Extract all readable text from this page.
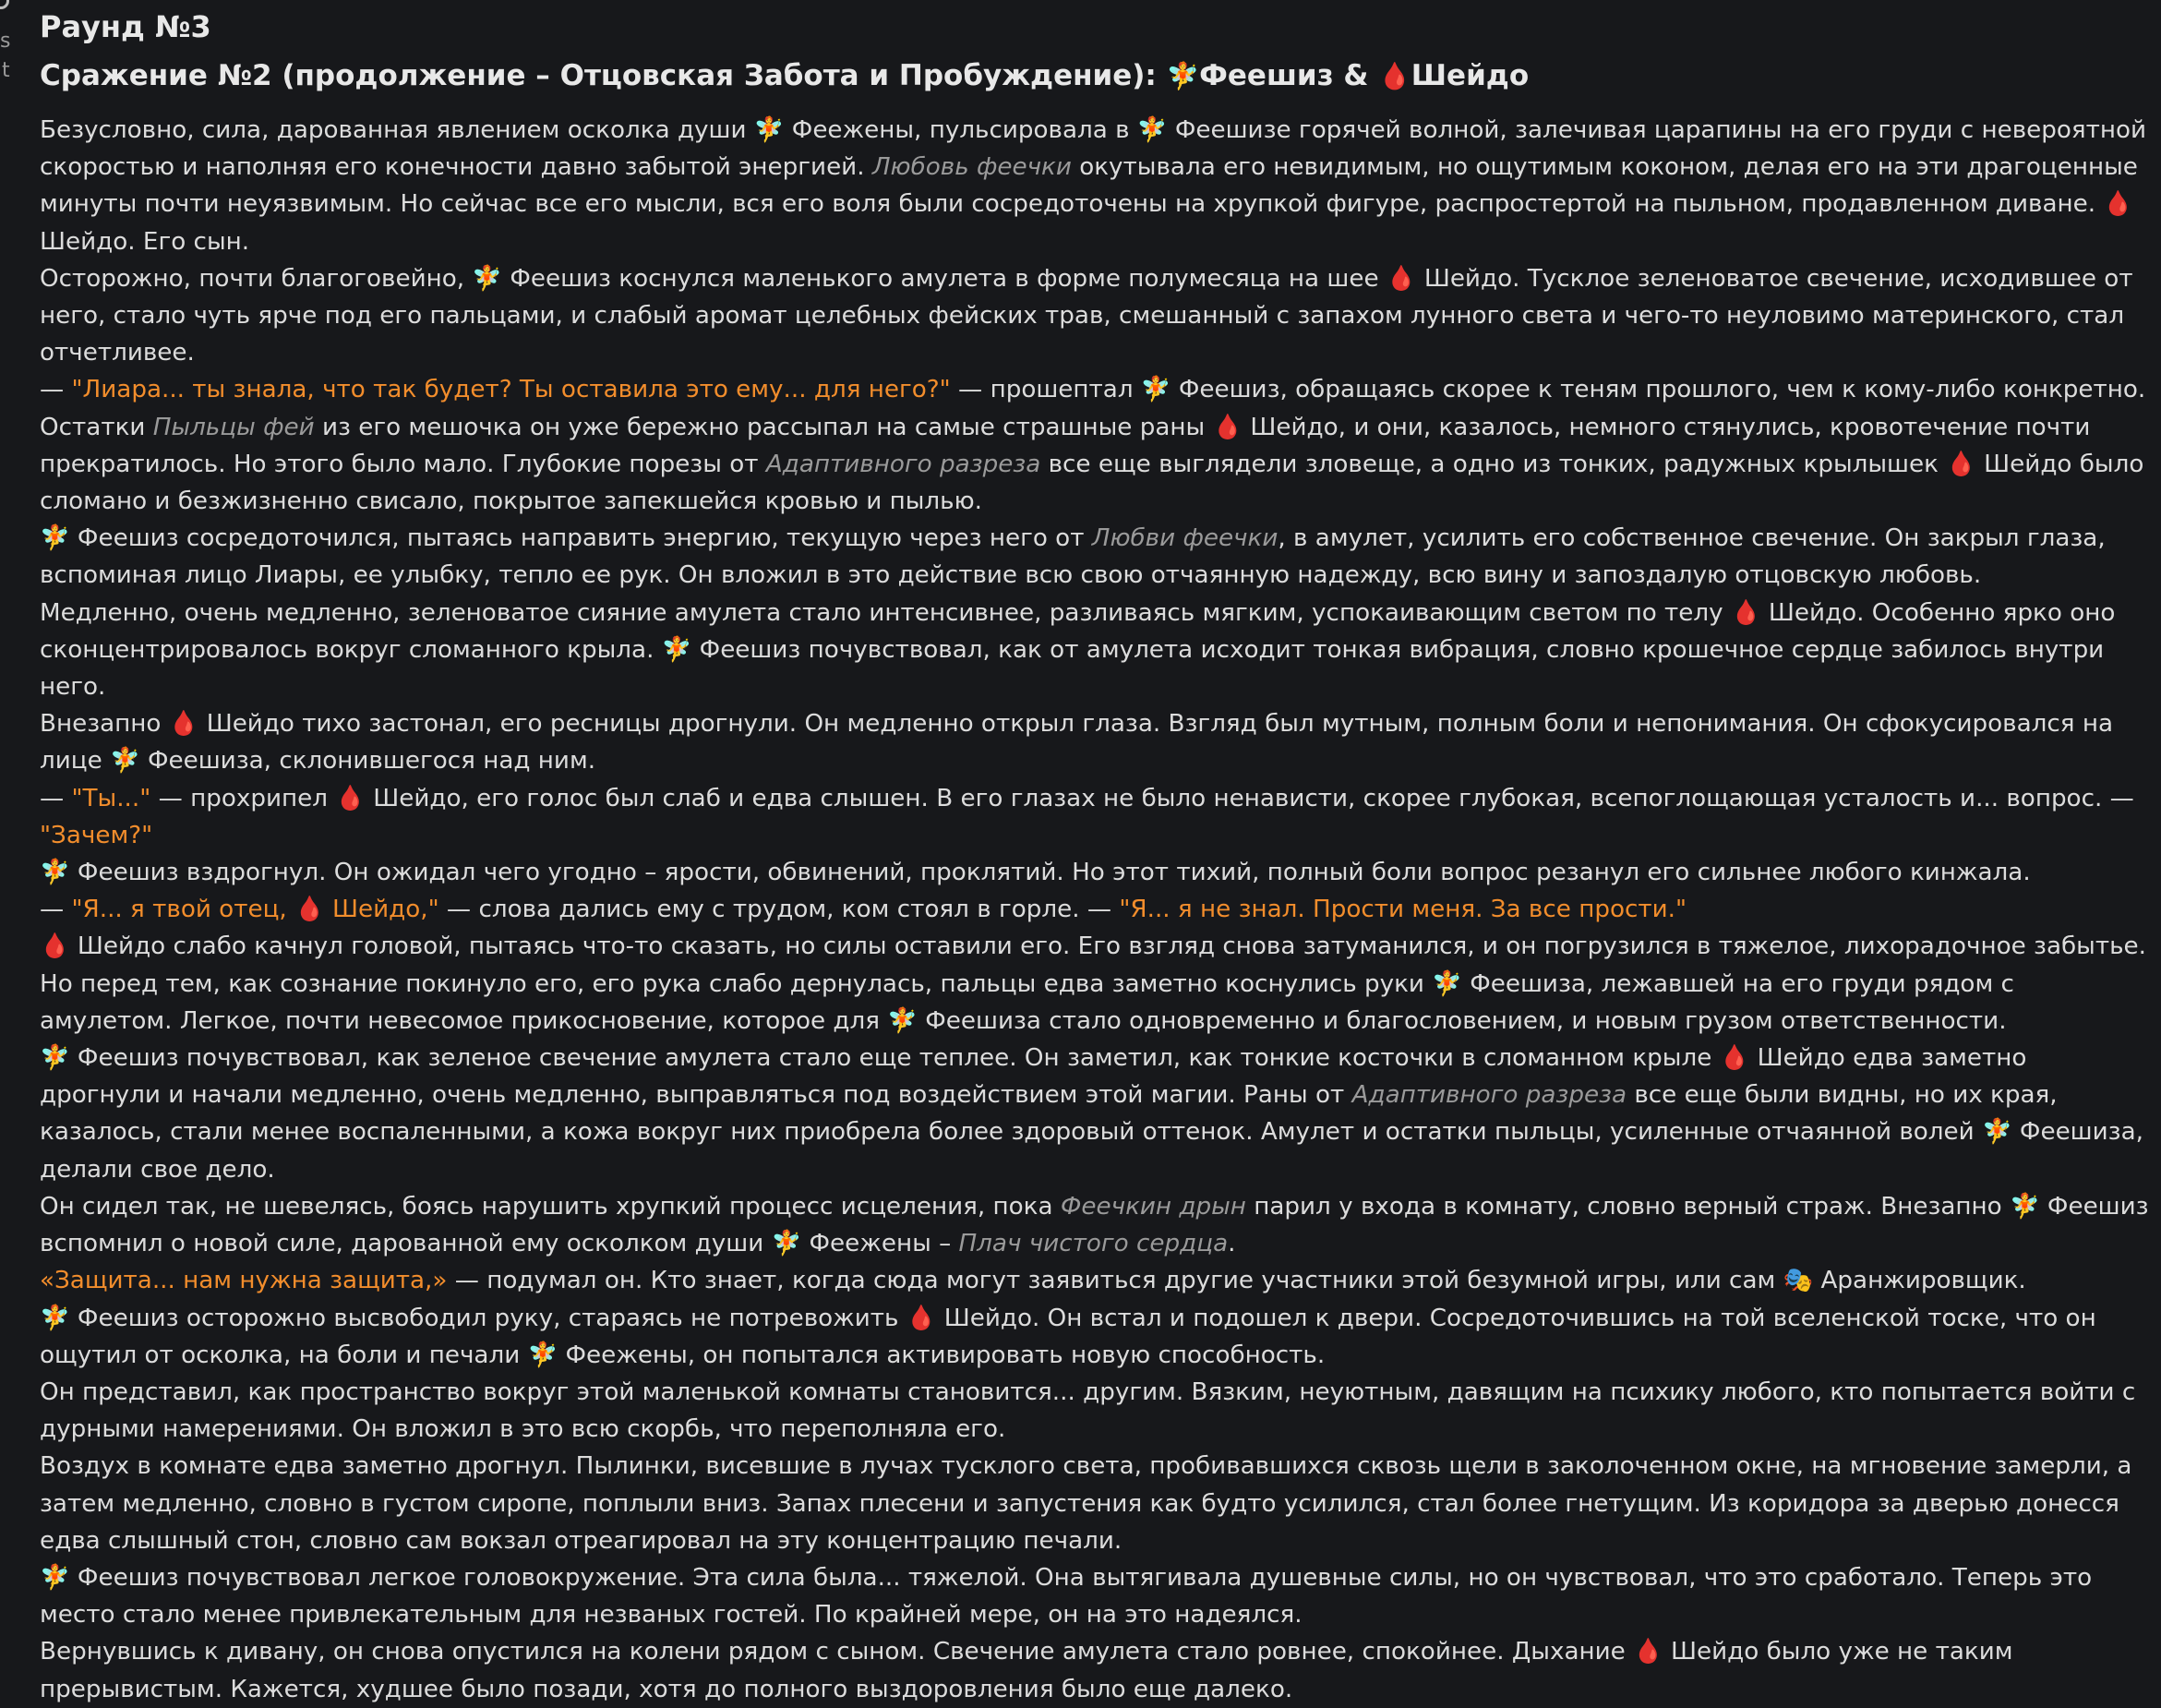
s
t
Раунд №3
Сражение №2 (продолжение – Отцовская Забота и Пробуждение): 🧚Феешиз & 🩸Шейдо

Безусловно, сила, дарованная явлением осколка души 🧚 Феежены, пульсировала в 🧚 Феешизе горячей волной, залечивая царапины на его груди с невероятной скоростью и наполняя его конечности давно забытой энергией. Любовь феечки окутывала его невидимым, но ощутимым коконом, делая его на эти драгоценные минуты почти неуязвимым. Но сейчас все его мысли, вся его воля были сосредоточены на хрупкой фигуре, распростертой на пыльном, продавленном диване. 🩸 Шейдо. Его сын.

Осторожно, почти благоговейно, 🧚 Феешиз коснулся маленького амулета в форме полумесяца на шее 🩸 Шейдо. Тусклое зеленоватое свечение, исходившее от него, стало чуть ярче под его пальцами, и слабый аромат целебных фейских трав, смешанный с запахом лунного света и чего-то неуловимо материнского, стал отчетливее.

— "Лиара... ты знала, что так будет? Ты оставила это ему... для него?" — прошептал 🧚 Феешиз, обращаясь скорее к теням прошлого, чем к кому-либо конкретно.

Остатки Пыльцы фей из его мешочка он уже бережно рассыпал на самые страшные раны 🩸 Шейдо, и они, казалось, немного стянулись, кровотечение почти прекратилось. Но этого было мало. Глубокие порезы от Адаптивного разреза все еще выглядели зловеще, а одно из тонких, радужных крылышек 🩸 Шейдо было сломано и безжизненно свисало, покрытое запекшейся кровью и пылью.

🧚 Феешиз сосредоточился, пытаясь направить энергию, текущую через него от Любви феечки, в амулет, усилить его собственное свечение. Он закрыл глаза, вспоминая лицо Лиары, ее улыбку, тепло ее рук. Он вложил в это действие всю свою отчаянную надежду, всю вину и запоздалую отцовскую любовь.

Медленно, очень медленно, зеленоватое сияние амулета стало интенсивнее, разливаясь мягким, успокаивающим светом по телу 🩸 Шейдо. Особенно ярко оно сконцентрировалось вокруг сломанного крыла. 🧚 Феешиз почувствовал, как от амулета исходит тонкая вибрация, словно крошечное сердце забилось внутри него.

Внезапно 🩸 Шейдо тихо застонал, его ресницы дрогнули. Он медленно открыл глаза. Взгляд был мутным, полным боли и непонимания. Он сфокусировался на лице 🧚 Феешиза, склонившегося над ним.

— "Ты..." — прохрипел 🩸 Шейдо, его голос был слаб и едва слышен. В его глазах не было ненависти, скорее глубокая, всепоглощающая усталость и... вопрос. — "Зачем?"

🧚 Феешиз вздрогнул. Он ожидал чего угодно – ярости, обвинений, проклятий. Но этот тихий, полный боли вопрос резанул его сильнее любого кинжала.

— "Я... я твой отец, 🩸 Шейдо," — слова дались ему с трудом, ком стоял в горле. — "Я... я не знал. Прости меня. За все прости."

🩸 Шейдо слабо качнул головой, пытаясь что-то сказать, но силы оставили его. Его взгляд снова затуманился, и он погрузился в тяжелое, лихорадочное забытье. Но перед тем, как сознание покинуло его, его рука слабо дернулась, пальцы едва заметно коснулись руки 🧚 Феешиза, лежавшей на его груди рядом с амулетом. Легкое, почти невесомое прикосновение, которое для 🧚 Феешиза стало одновременно и благословением, и новым грузом ответственности.

🧚 Феешиз почувствовал, как зеленое свечение амулета стало еще теплее. Он заметил, как тонкие косточки в сломанном крыле 🩸 Шейдо едва заметно дрогнули и начали медленно, очень медленно, выправляться под воздействием этой магии. Раны от Адаптивного разреза все еще были видны, но их края, казалось, стали менее воспаленными, а кожа вокруг них приобрела более здоровый оттенок. Амулет и остатки пыльцы, усиленные отчаянной волей 🧚 Феешиза, делали свое дело.

Он сидел так, не шевелясь, боясь нарушить хрупкий процесс исцеления, пока Феечкин дрын парил у входа в комнату, словно верный страж. Внезапно 🧚 Феешиз вспомнил о новой силе, дарованной ему осколком души 🧚 Феежены – Плач чистого сердца.

«Защита... нам нужна защита,» — подумал он. Кто знает, когда сюда могут заявиться другие участники этой безумной игры, или сам 🎭 Аранжировщик.

🧚 Феешиз осторожно высвободил руку, стараясь не потревожить 🩸 Шейдо. Он встал и подошел к двери. Сосредоточившись на той вселенской тоске, что он ощутил от осколка, на боли и печали 🧚 Феежены, он попытался активировать новую способность.

Он представил, как пространство вокруг этой маленькой комнаты становится... другим. Вязким, неуютным, давящим на психику любого, кто попытается войти с дурными намерениями. Он вложил в это всю скорбь, что переполняла его.

Воздух в комнате едва заметно дрогнул. Пылинки, висевшие в лучах тусклого света, пробивавшихся сквозь щели в заколоченном окне, на мгновение замерли, а затем медленно, словно в густом сиропе, поплыли вниз. Запах плесени и запустения как будто усилился, стал более гнетущим. Из коридора за дверью донесся едва слышный стон, словно сам вокзал отреагировал на эту концентрацию печали.

🧚 Феешиз почувствовал легкое головокружение. Эта сила была... тяжелой. Она вытягивала душевные силы, но он чувствовал, что это сработало. Теперь это место стало менее привлекательным для незваных гостей. По крайней мере, он на это надеялся.

Вернувшись к дивану, он снова опустился на колени рядом с сыном. Свечение амулета стало ровнее, спокойнее. Дыхание 🩸 Шейдо было уже не таким прерывистым. Кажется, худшее было позади, хотя до полного выздоровления было еще далеко.
